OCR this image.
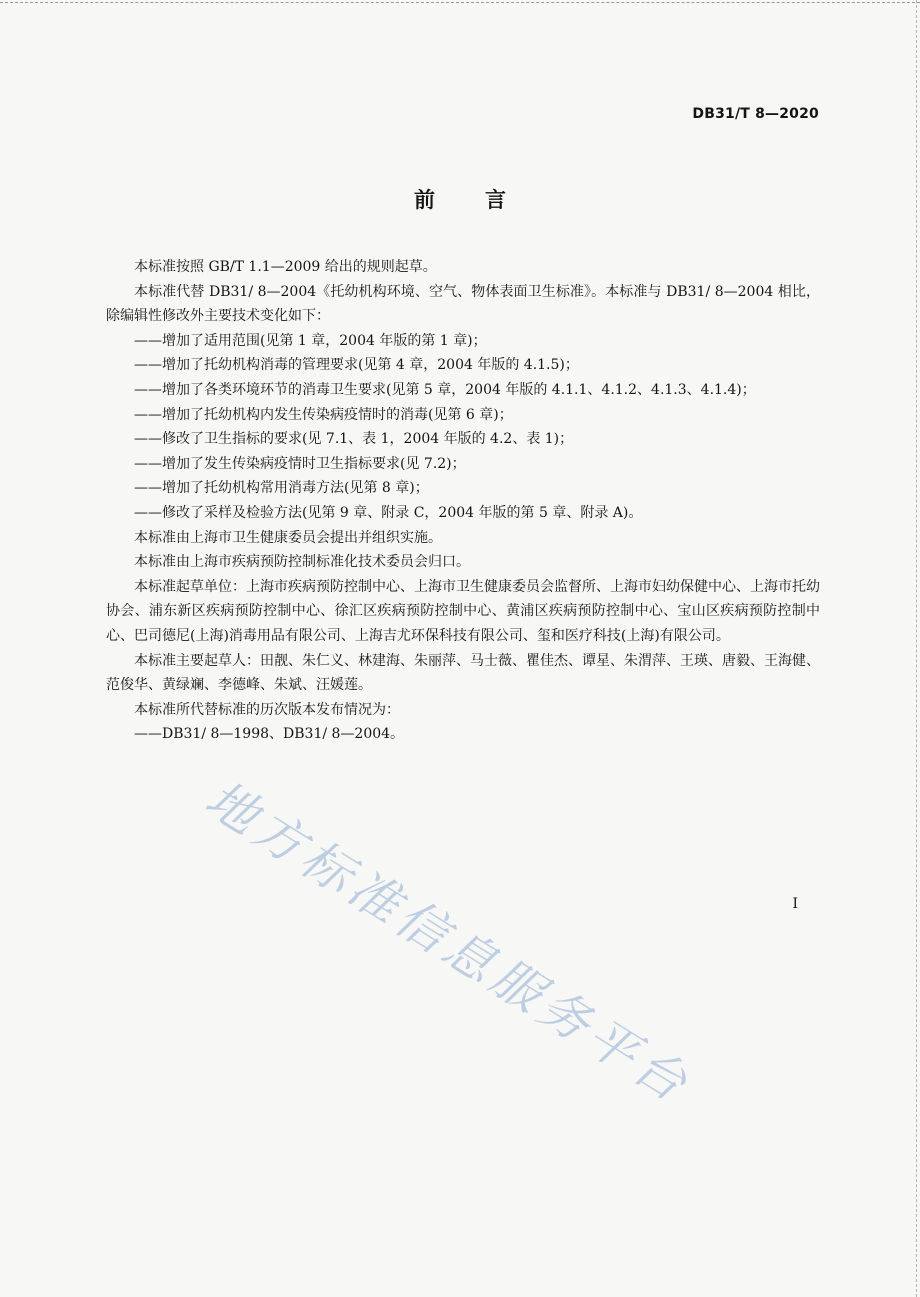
DB31/T 8—2020
前言

本标准按照 GB/T 1.1—2009 给出的规则起草。

本标准代替 DB31/ 8—2004《托幼机构环境、空气、物体表面卫生标准》。本标准与 DB31/ 8—2004 相比，除编辑性修改外主要技术变化如下：

——增加了适用范围(见第 1 章，2004 年版的第 1 章)；

——增加了托幼机构消毒的管理要求(见第 4 章，2004 年版的 4.1.5)；

——增加了各类环境环节的消毒卫生要求(见第 5 章，2004 年版的 4.1.1、4.1.2、4.1.3、4.1.4)；

——增加了托幼机构内发生传染病疫情时的消毒(见第 6 章)；

——修改了卫生指标的要求(见 7.1、表 1，2004 年版的 4.2、表 1)；

——增加了发生传染病疫情时卫生指标要求(见 7.2)；

——增加了托幼机构常用消毒方法(见第 8 章)；

——修改了采样及检验方法(见第 9 章、附录 C，2004 年版的第 5 章、附录 A)。

本标准由上海市卫生健康委员会提出并组织实施。

本标准由上海市疾病预防控制标准化技术委员会归口。

本标准起草单位：上海市疾病预防控制中心、上海市卫生健康委员会监督所、上海市妇幼保健中心、上海市托幼协会、浦东新区疾病预防控制中心、徐汇区疾病预防控制中心、黄浦区疾病预防控制中心、宝山区疾病预防控制中心、巴司德尼(上海)消毒用品有限公司、上海吉尤环保科技有限公司、玺和医疗科技(上海)有限公司。

本标准主要起草人：田靓、朱仁义、林建海、朱丽萍、马士薇、瞿佳杰、谭星、朱渭萍、王瑛、唐毅、王海健、范俊华、黄绿斓、李德峰、朱斌、汪媛莲。

本标准所代替标准的历次版本发布情况为：

——DB31/ 8—1998、DB31/ 8—2004。

地方标准信息服务平台	I
